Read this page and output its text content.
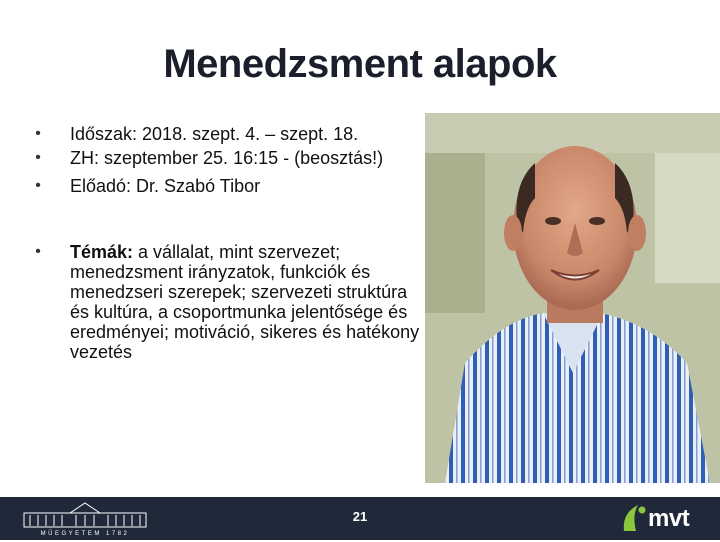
Menedzsment alapok
•	Időszak: 2018. szept. 4. – szept. 18.
•	ZH: szeptember 25. 16:15 - (beosztás!)
•	Előadó: Dr. Szabó Tibor
•	Témák: a vállalat, mint szervezet; menedzsment irányzatok, funkciók és menedzseri szerepek; szervezeti struktúra és kultúra, a csoportmunka jelentősége és eredményei; motiváció, sikeres és hatékony vezetés
MŰEGYETEM 1782
21	mvt
